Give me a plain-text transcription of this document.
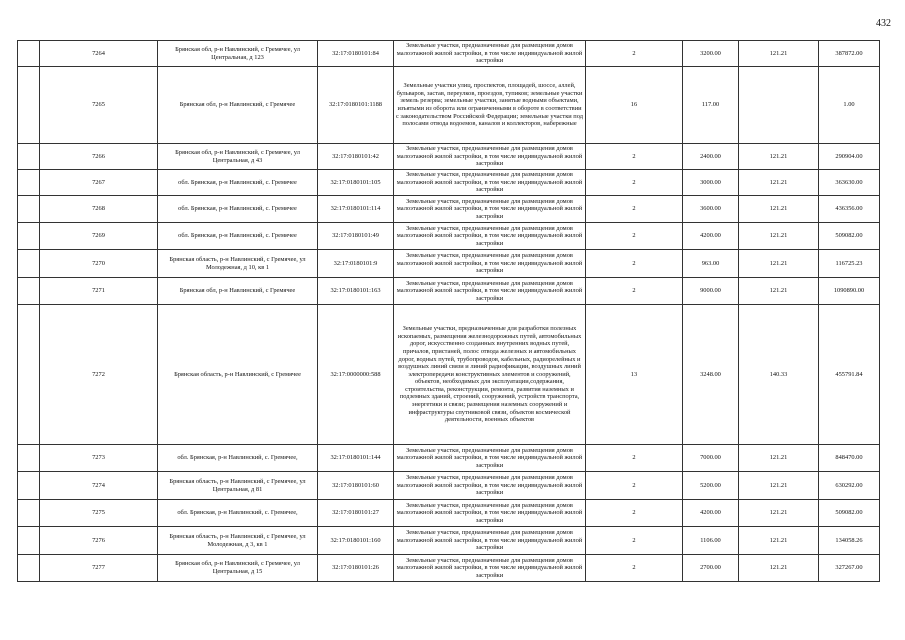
432
	7264	Брянская обл, р-н Навлинский, с Гремячее, ул Центральная, д 123	32:17:0180101:84	Земельные участки, предназначенные для размещения домов малоэтажной жилой застройки, в том числе индивидуальной жилой застройки	2	3200.00	121.21	387872.00
	7265	Брянская обл, р-н Навлинский, с Гремячее	32:17:0180101:1188	Земельные участки улиц, проспектов, площадей, шоссе, аллей, бульваров, застав, переулков, проездов, тупиков; земельные участки земель резерва; земельные участки, занятые водными объектами, изъятыми из оборота или ограниченными в обороте в соответствии с законодательством Российской Федерации; земельные участки под полосами отвода водоемов, каналов и коллекторов, набережные	16	117.00		1.00
	7266	Брянская обл, р-н Навлинский, с Гремячее, ул Центральная, д 43	32:17:0180101:42	Земельные участки, предназначенные для размещения домов малоэтажной жилой застройки, в том числе индивидуальной жилой застройки	2	2400.00	121.21	290904.00
	7267	обл. Брянская, р-н Навлинский, с. Гремячее	32:17:0180101:105	Земельные участки, предназначенные для размещения домов малоэтажной жилой застройки, в том числе индивидуальной жилой застройки	2	3000.00	121.21	363630.00
	7268	обл. Брянская, р-н Навлинский, с. Гремячее	32:17:0180101:114	Земельные участки, предназначенные для размещения домов малоэтажной жилой застройки, в том числе индивидуальной жилой застройки	2	3600.00	121.21	436356.00
	7269	обл. Брянская, р-н Навлинский, с. Гремячее	32:17:0180101:49	Земельные участки, предназначенные для размещения домов малоэтажной жилой застройки, в том числе индивидуальной жилой застройки	2	4200.00	121.21	509082.00
	7270	Брянская область, р-н Навлинский, с Гремячее, ул Молодежная, д 10, кв 1	32:17:0180101:9	Земельные участки, предназначенные для размещения домов малоэтажной жилой застройки, в том числе индивидуальной жилой застройки	2	963.00	121.21	116725.23
	7271	Брянская обл, р-н Навлинский, с Гремячее	32:17:0180101:163	Земельные участки, предназначенные для размещения домов малоэтажной жилой застройки, в том числе индивидуальной жилой застройки	2	9000.00	121.21	1090890.00
	7272	Брянская область, р-н Навлинский, с Гремячее	32:17:0000000:588	Земельные участки, предназначенные для разработки полезных ископаемых, размещения железнодорожных путей, автомобильных дорог, искусственно созданных внутренних водных путей, причалов, пристаней, полос отвода железных и автомобильных дорог, водных путей, трубопроводов, кабельных, радиорелейных и воздушных линий связи и линий радиофикации, воздушных линий электропередачи конструктивных элементов и сооружений, объектов, необходимых для эксплуатации,содержания, строительства, реконструкции, ремонта, развития наземных и подземных зданий, строений, сооружений, устройств транспорта, энергетики и связи; размещения наземных сооружений и инфраструктуры спутниковой связи, объектов космической деятельности, военных объектов	13	3248.00	140.33	455791.84
	7273	обл. Брянская, р-н Навлинский, с. Гремячее,	32:17:0180101:144	Земельные участки, предназначенные для размещения домов малоэтажной жилой застройки, в том числе индивидуальной жилой застройки	2	7000.00	121.21	848470.00
	7274	Брянская область, р-н Навлинский, с Гремячее, ул Центральная, д 81	32:17:0180101:60	Земельные участки, предназначенные для размещения домов малоэтажной жилой застройки, в том числе индивидуальной жилой застройки	2	5200.00	121.21	630292.00
	7275	обл. Брянская, р-н Навлинский, с. Гремячее,	32:17:0180101:27	Земельные участки, предназначенные для размещения домов малоэтажной жилой застройки, в том числе индивидуальной жилой застройки	2	4200.00	121.21	509082.00
	7276	Брянская область, р-н Навлинский, с Гремячее, ул Молодежная, д 3, кв 1	32:17:0180101:160	Земельные участки, предназначенные для размещения домов малоэтажной жилой застройки, в том числе индивидуальной жилой застройки	2	1106.00	121.21	134058.26
	7277	Брянская обл, р-н Навлинский, с Гремячее, ул Центральная, д 15	32:17:0180101:26	Земельные участки, предназначенные для размещения домов малоэтажной жилой застройки, в том числе индивидуальной жилой застройки	2	2700.00	121.21	327267.00
